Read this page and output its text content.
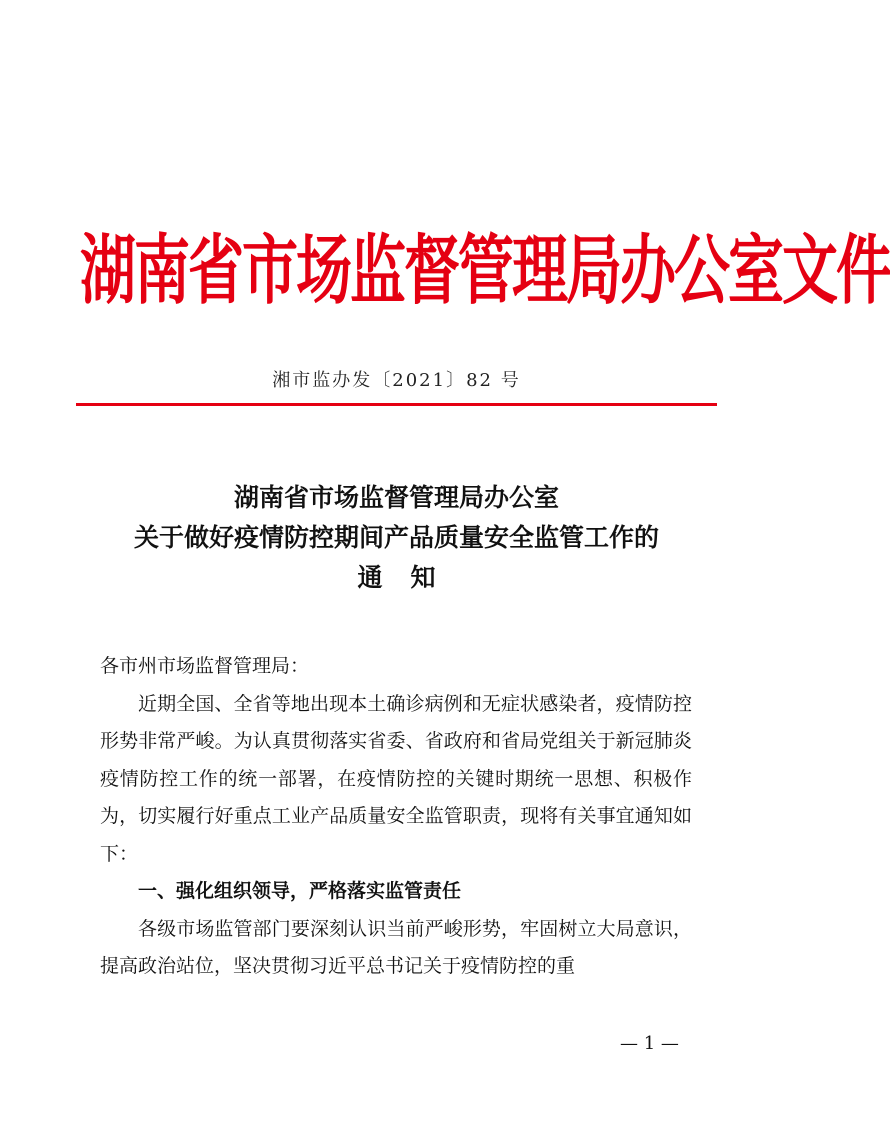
湖南省市场监督管理局办公室文件
湘市监办发〔2021〕82 号
湖南省市场监督管理局办公室
关于做好疫情防控期间产品质量安全监管工作的
通知

各市州市场监督管理局：

近期全国、全省等地出现本土确诊病例和无症状感染者，疫情防控形势非常严峻。为认真贯彻落实省委、省政府和省局党组关于新冠肺炎疫情防控工作的统一部署，在疫情防控的关键时期统一思想、积极作为，切实履行好重点工业产品质量安全监管职责，现将有关事宜通知如下：

一、强化组织领导，严格落实监管责任

各级市场监管部门要深刻认识当前严峻形势，牢固树立大局意识，提高政治站位，坚决贯彻习近平总书记关于疫情防控的重

— 1 —
